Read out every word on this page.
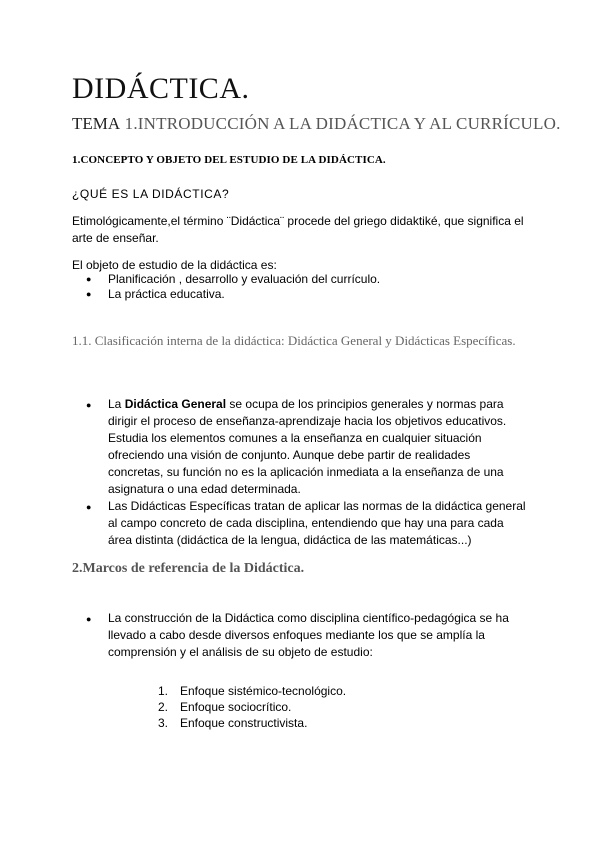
DIDÁCTICA.
TEMA 1.INTRODUCCIÓN A LA DIDÁCTICA Y AL CURRÍCULO.
1.CONCEPTO Y OBJETO DEL ESTUDIO DE LA DIDÁCTICA.
¿QUÉ ES LA DIDÁCTICA?
Etimológicamente,el término ¨Didáctica¨ procede del griego didaktiké, que significa el arte de enseñar.
El objeto de estudio de la didáctica es:
● Planificación , desarrollo y evaluación del currículo.
● La práctica educativa.
1.1. Clasificación interna de la didáctica: Didáctica General y Didácticas Específicas.
● La Didáctica General se ocupa de los principios generales y normas para dirigir el proceso de enseñanza-aprendizaje hacia los objetivos educativos. Estudia los elementos comunes a la enseñanza en cualquier situación ofreciendo una visión de conjunto. Aunque debe partir de realidades concretas, su función no es la aplicación inmediata a la enseñanza de una asignatura o una edad determinada.
● Las Didácticas Específicas tratan de aplicar las normas de la didáctica general al campo concreto de cada disciplina, entendiendo que hay una para cada área distinta (didáctica de la lengua, didáctica de las matemáticas...)
2.Marcos de referencia de la Didáctica.
● La construcción de la Didáctica como disciplina científico-pedagógica se ha llevado a cabo desde diversos enfoques mediante los que se amplía la comprensión y el análisis de su objeto de estudio:
1. Enfoque sistémico-tecnológico.
2. Enfoque sociocrítico.
3. Enfoque constructivista.
